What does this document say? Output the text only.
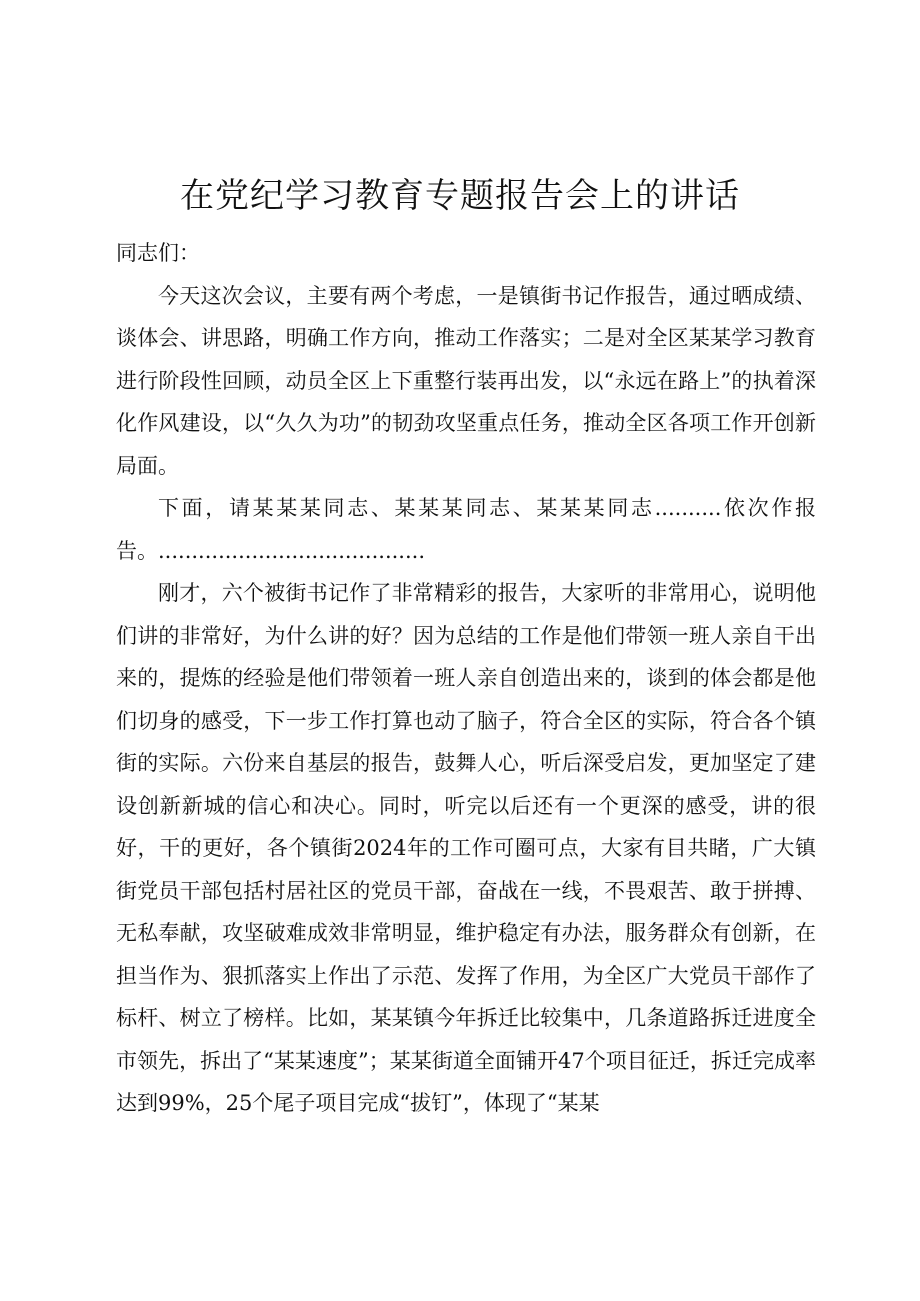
在党纪学习教育专题报告会上的讲话

同志们：

今天这次会议，主要有两个考虑，一是镇街书记作报告，通过晒成绩、谈体会、讲思路，明确工作方向，推动工作落实；二是对全区某某学习教育进行阶段性回顾，动员全区上下重整行装再出发，以“永远在路上”的执着深化作风建设，以“久久为功”的韧劲攻坚重点任务，推动全区各项工作开创新局面。

下面，请某某某同志、某某某同志、某某某同志..........依次作报告。........................................

刚才，六个被街书记作了非常精彩的报告，大家听的非常用心，说明他们讲的非常好，为什么讲的好？因为总结的工作是他们带领一班人亲自干出来的，提炼的经验是他们带领着一班人亲自创造出来的，谈到的体会都是他们切身的感受，下一步工作打算也动了脑子，符合全区的实际，符合各个镇街的实际。六份来自基层的报告，鼓舞人心，听后深受启发，更加坚定了建设创新新城的信心和决心。同时，听完以后还有一个更深的感受，讲的很好，干的更好，各个镇街2024年的工作可圈可点，大家有目共睹，广大镇街党员干部包括村居社区的党员干部，奋战在一线，不畏艰苦、敢于拼搏、无私奉献，攻坚破难成效非常明显，维护稳定有办法，服务群众有创新，在担当作为、狠抓落实上作出了示范、发挥了作用，为全区广大党员干部作了标杆、树立了榜样。比如，某某镇今年拆迁比较集中，几条道路拆迁进度全市领先，拆出了“某某速度”；某某街道全面铺开47个项目征迁，拆迁完成率达到99%，25个尾子项目完成“拔钉”，体现了“某某
